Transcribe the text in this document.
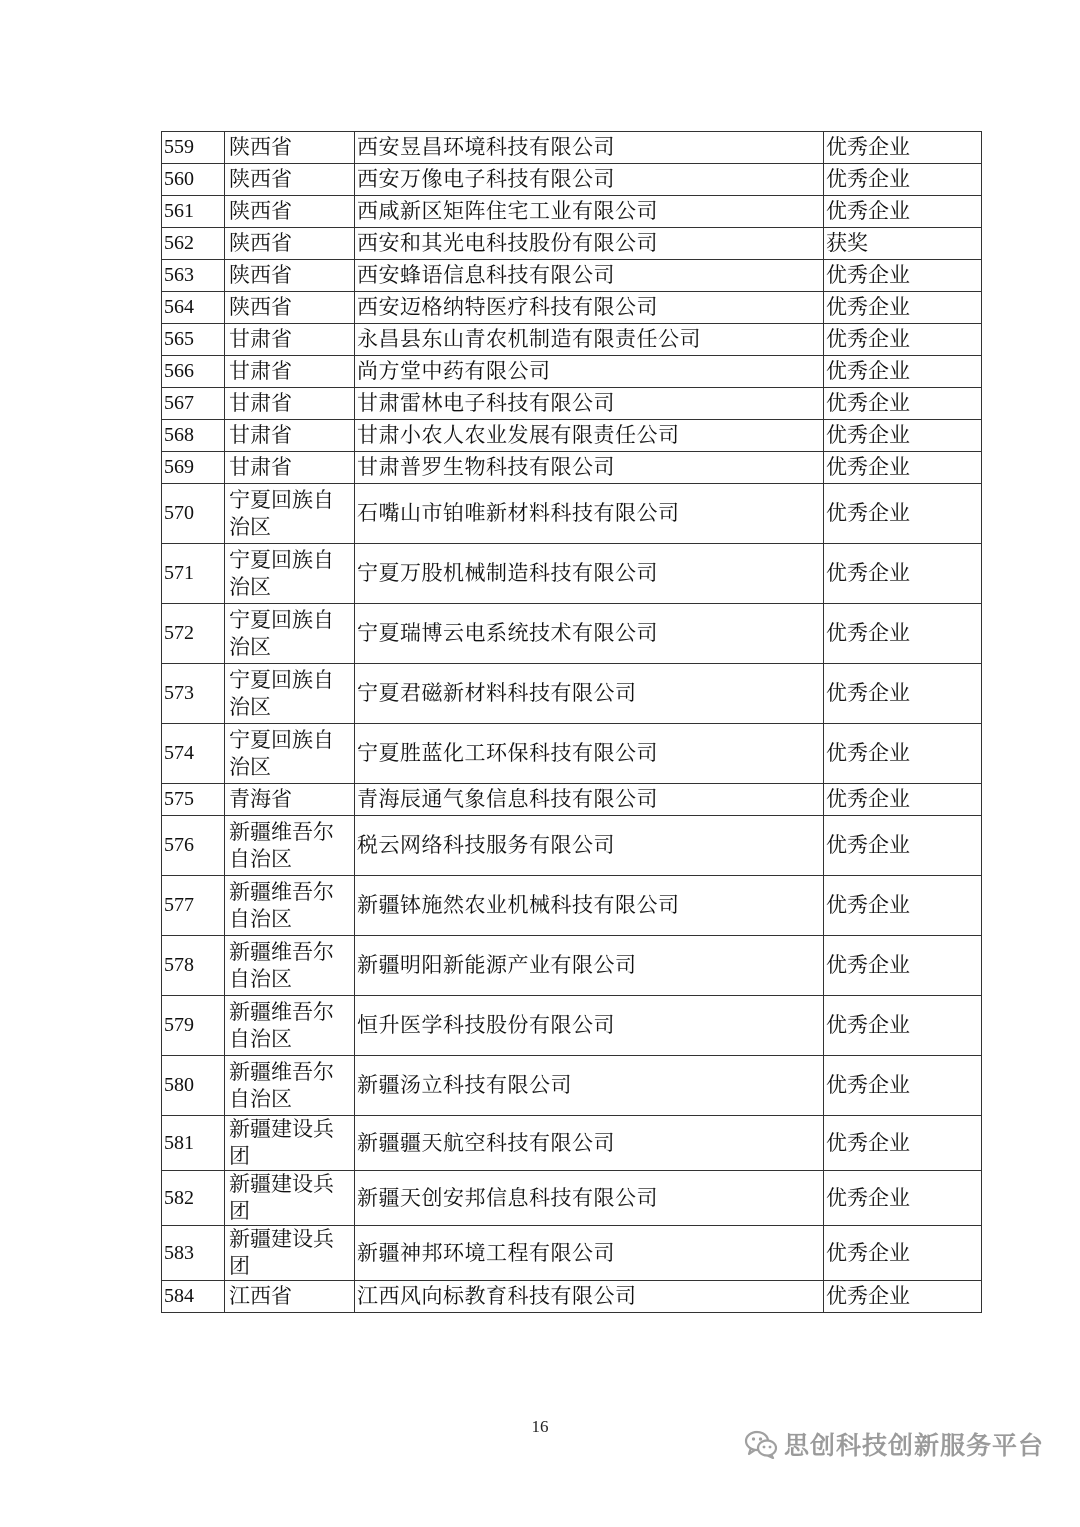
559	陕西省	西安昱昌环境科技有限公司	优秀企业
560	陕西省	西安万像电子科技有限公司	优秀企业
561	陕西省	西咸新区矩阵住宅工业有限公司	优秀企业
562	陕西省	西安和其光电科技股份有限公司	获奖
563	陕西省	西安蜂语信息科技有限公司	优秀企业
564	陕西省	西安迈格纳特医疗科技有限公司	优秀企业
565	甘肃省	永昌县东山青农机制造有限责任公司	优秀企业
566	甘肃省	尚方堂中药有限公司	优秀企业
567	甘肃省	甘肃雷林电子科技有限公司	优秀企业
568	甘肃省	甘肃小农人农业发展有限责任公司	优秀企业
569	甘肃省	甘肃普罗生物科技有限公司	优秀企业
570	宁夏回族自治区	石嘴山市铂唯新材料科技有限公司	优秀企业
571	宁夏回族自治区	宁夏万股机械制造科技有限公司	优秀企业
572	宁夏回族自治区	宁夏瑞博云电系统技术有限公司	优秀企业
573	宁夏回族自治区	宁夏君磁新材料科技有限公司	优秀企业
574	宁夏回族自治区	宁夏胜蓝化工环保科技有限公司	优秀企业
575	青海省	青海辰通气象信息科技有限公司	优秀企业
576	新疆维吾尔自治区	税云网络科技服务有限公司	优秀企业
577	新疆维吾尔自治区	新疆钵施然农业机械科技有限公司	优秀企业
578	新疆维吾尔自治区	新疆明阳新能源产业有限公司	优秀企业
579	新疆维吾尔自治区	恒升医学科技股份有限公司	优秀企业
580	新疆维吾尔自治区	新疆汤立科技有限公司	优秀企业
581	新疆建设兵团	新疆疆天航空科技有限公司	优秀企业
582	新疆建设兵团	新疆天创安邦信息科技有限公司	优秀企业
583	新疆建设兵团	新疆神邦环境工程有限公司	优秀企业
584	江西省	江西风向标教育科技有限公司	优秀企业
16
思创科技创新服务平台
